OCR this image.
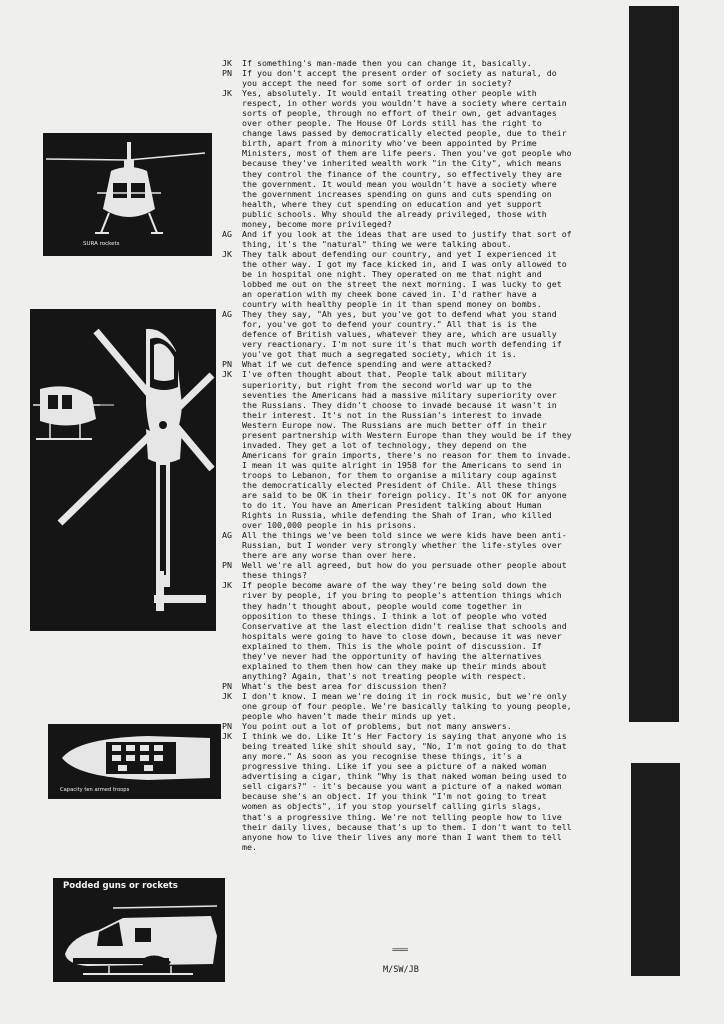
SURA rockets
Capacity ten armed troops
Podded guns or rockets
JK	If something's man-made then you can change it, basically.
PN	If you don't accept the present order of society as natural, do you accept the need for some sort of order in society?
JK	Yes, absolutely. It would entail treating other people with respect, in other words you wouldn't have a society where certain sorts of people, through no effort of their own, get advantages over other people. The House Of Lords still has the right to change laws passed by democratically elected people, due to their birth, apart from a minority who've been appointed by Prime Ministers, most of them are life peers. Then you've got people who because they've inherited wealth work "in the City", which means they control the finance of the country, so effectively they are the government. It would mean you wouldn't have a society where the government increases spending on guns and cuts spending on health, where they cut spending on education and yet support public schools. Why should the already privileged, those with money, become more privileged?
AG	And if you look at the ideas that are used to justify that sort of thing, it's the "natural" thing we were talking about.
JK	They talk about defending our country, and yet I experienced it the other way. I got my face kicked in, and I was only allowed to be in hospital one night. They operated on me that night and lobbed me out on the street the next morning. I was lucky to get an operation with my cheek bone caved in. I'd rather have a country with healthy people in it than spend money on bombs.
AG	They they say, "Ah yes, but you've got to defend what you stand for, you've got to defend your country." All that is is the defence of British values, whatever they are, which are usually very reactionary. I'm not sure it's that much worth defending if you've got that much a segregated society, which it is.
PN	What if we cut defence spending and were attacked?
JK	I've often thought about that. People talk about military superiority, but right from the second world war up to the seventies the Americans had a massive military superiority over the Russians. They didn't choose to invade because it wasn't in their interest. It's not in the Russian's interest to invade Western Europe now. The Russians are much better off in their present partnership with Western Europe than they would be if they invaded. They get a lot of technology, they depend on the Americans for grain imports, there's no reason for them to invade. I mean it was quite alright in 1958 for the Americans to send in troops to Lebanon, for them to organise a military coup against the democratically elected President of Chile. All these things are said to be OK in their foreign policy. It's not OK for anyone to do it. You have an American President talking about Human Rights in Russia, while defending the Shah of Iran, who killed over 100,000 people in his prisons.
AG	All the things we've been told since we were kids have been anti-Russian, but I wonder very strongly whether the life-styles over there are any worse than over here.
PN	Well we're all agreed, but how do you persuade other people about these things?
JK	If people become aware of the way they're being sold down the river by people, if you bring to people's attention things which they hadn't thought about, people would come together in opposition to these things. I think a lot of people who voted Conservative at the last election didn't realise that schools and hospitals were going to have to close down, because it was never explained to them. This is the whole point of discussion. If they've never had the opportunity of having the alternatives explained to them then how can they make up their minds about anything? Again, that's not treating people with respect.
PN	What's the best area for discussion then?
JK	I don't know. I mean we're doing it in rock music, but we're only one group of four people. We're basically talking to young people, people who haven't made their minds up yet.
PN	You point out a lot of problems, but not many answers.
JK	I think we do. Like It's Her Factory is saying that anyone who is being treated like shit should say, "No, I'm not going to do that any more." As soon as you recognise these things, it's a progressive thing. Like if you see a picture of a naked woman advertising a cigar, think "Why is that naked woman being used to sell cigars?" - it's because you want a picture of a naked woman because she's an object. If you think "I'm not going to treat women as objects", if you stop yourself calling girls slags, that's a progressive thing. We're not telling people how to live their daily lives, because that's up to them. I don't want to tell anyone how to live their lives any more than I want them to tell me.
====
M/SW/JB
